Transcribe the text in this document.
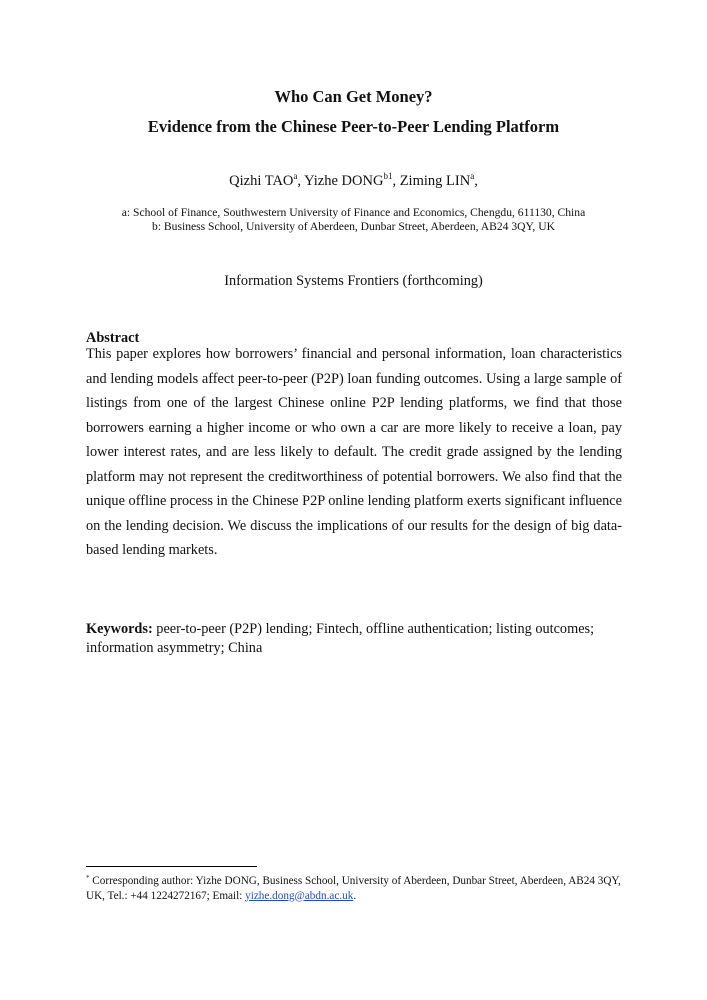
Who Can Get Money?
Evidence from the Chinese Peer-to-Peer Lending Platform
Qizhi TAO$^a$, Yizhe $DONG^{b1}$, Ziming LIN$^a$,
a: School of Finance, Southwestern University of Finance and Economics, Chengdu, 611130, China
b: Business School, University of Aberdeen, Dunbar Street, Aberdeen, AB24 3QY, UK
Information Systems Frontiers (forthcoming)
Abstract
This paper explores how borrowers’ financial and personal information, loan characteristics
and lending models affect peer-to-peer (P2P) loan funding outcomes. Using a large sample of
listings from one of the largest Chinese online P2P lending platforms, we find that those
borrowers earning a higher income or who own a car are more likely to receive a loan, pay
lower interest rates, and are less likely to default. The credit grade assigned by the lending
platform may not represent the creditworthiness of potential borrowers. We also find that the
unique offline process in the Chinese P2P online lending platform exerts significant influence
on the lending decision. We discuss the implications of our results for the design of big data-
based lending markets.
Keywords: peer-to-peer (P2P) lending; Fintech, offline authentication; listing outcomes; information asymmetry; China
* Corresponding author: Yizhe DONG, Business School, University of Aberdeen, Dunbar Street, Aberdeen, AB24 3QY, UK, Tel.: +44 1224272167; Email: yizhe.dong@abdn.ac.uk.
